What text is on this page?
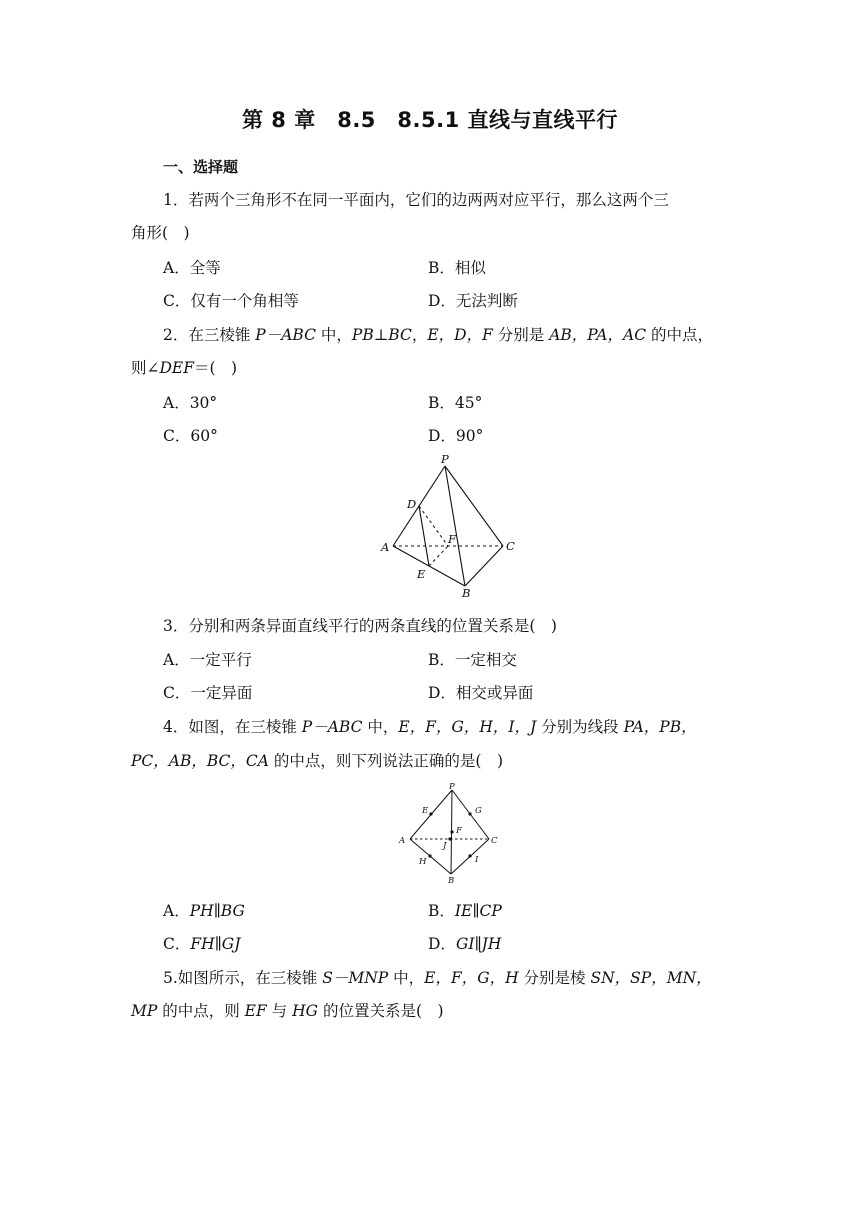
第 8 章　8.5　8.5.1 直线与直线平行
一、选择题
1．若两个三角形不在同一平面内，它们的边两两对应平行，那么这两个三
角形(　)
A．全等	B．相似
C．仅有一个角相等	D．无法判断
2．在三棱锥 P－ABC 中，PB⊥BC，E，D，F 分别是 AB，PA，AC 的中点，
则∠DEF＝(　)
A．30°	B．45°
C．60°	D．90°
P
D
A
F	C
E
B
3．分别和两条异面直线平行的两条直线的位置关系是(　)
A．一定平行	B．一定相交
C．一定异面	D．相交或异面
4．如图，在三棱锥 P－ABC 中，E，F，G，H，I，J 分别为线段 PA，PB，
PC，AB，BC，CA 的中点，则下列说法正确的是(　)
P
E	G
A
F
C
J
H	I
B
A．PH∥BG	B．IE∥CP
C．FH∥GJ	D．GI∥JH
5.如图所示，在三棱锥 S－MNP 中，E，F，G，H 分别是棱 SN，SP，MN，
MP 的中点，则 EF 与 HG 的位置关系是(　)
